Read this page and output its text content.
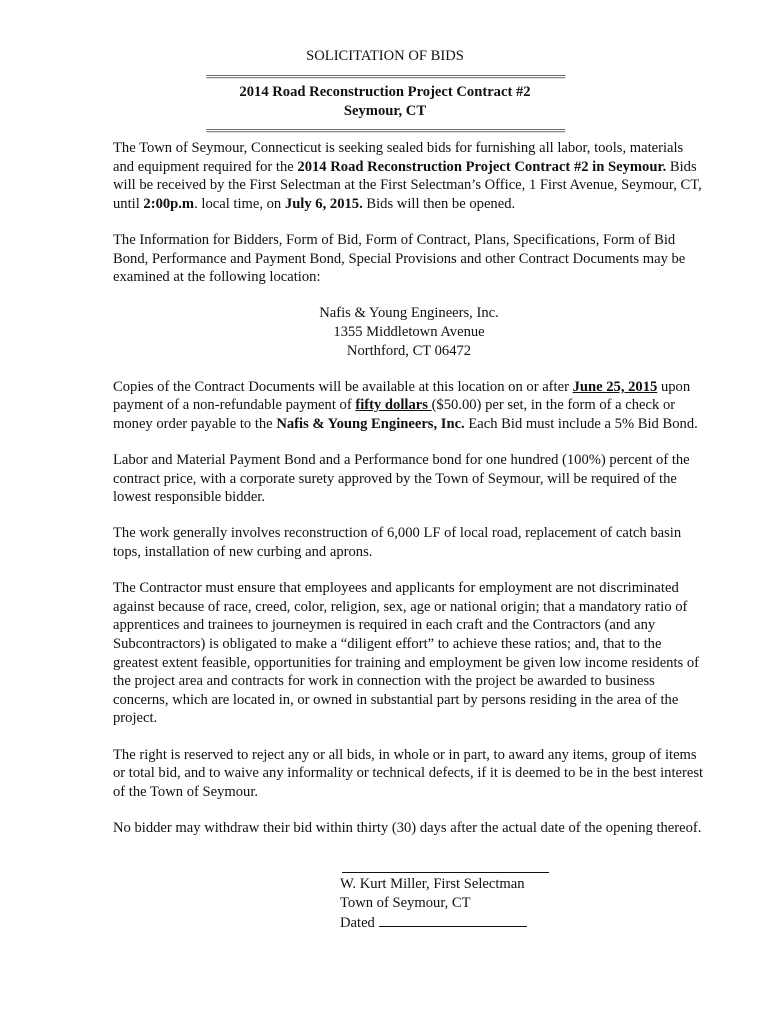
SOLICITATION OF BIDS
=============================================================
2014 Road Reconstruction Project Contract #2
Seymour, CT
=============================================================

The Town of Seymour, Connecticut is seeking sealed bids for furnishing all labor, tools, materials and equipment required for the 2014 Road Reconstruction Project Contract #2 in Seymour. Bids will be received by the First Selectman at the First Selectman’s Office, 1 First Avenue, Seymour, CT, until 2:00p.m. local time, on July 6, 2015. Bids will then be opened.

The Information for Bidders, Form of Bid, Form of Contract, Plans, Specifications, Form of Bid Bond, Performance and Payment Bond, Special Provisions and other Contract Documents may be examined at the following location:

Nafis & Young Engineers, Inc.
1355 Middletown Avenue
Northford, CT 06472

Copies of the Contract Documents will be available at this location on or after June 25, 2015 upon payment of a non-refundable payment of fifty dollars ($50.00) per set, in the form of a check or money order payable to the Nafis & Young Engineers, Inc. Each Bid must include a 5% Bid Bond.

Labor and Material Payment Bond and a Performance bond for one hundred (100%) percent of the contract price, with a corporate surety approved by the Town of Seymour, will be required of the lowest responsible bidder.

The work generally involves reconstruction of 6,000 LF of local road, replacement of catch basin tops, installation of new curbing and aprons.

The Contractor must ensure that employees and applicants for employment are not discriminated against because of race, creed, color, religion, sex, age or national origin; that a mandatory ratio of apprentices and trainees to journeymen is required in each craft and the Contractors (and any Subcontractors) is obligated to make a “diligent effort” to achieve these ratios; and, that to the greatest extent feasible, opportunities for training and employment be given low income residents of the project area and contracts for work in connection with the project be awarded to business concerns, which are located in, or owned in substantial part by persons residing in the area of the project.

The right is reserved to reject any or all bids, in whole or in part, to award any items, group of items or total bid, and to waive any informality or technical defects, if it is deemed to be in the best interest of the Town of Seymour.

No bidder may withdraw their bid within thirty (30) days after the actual date of the opening thereof.

W. Kurt Miller, First Selectman
Town of Seymour, CT
Dated
